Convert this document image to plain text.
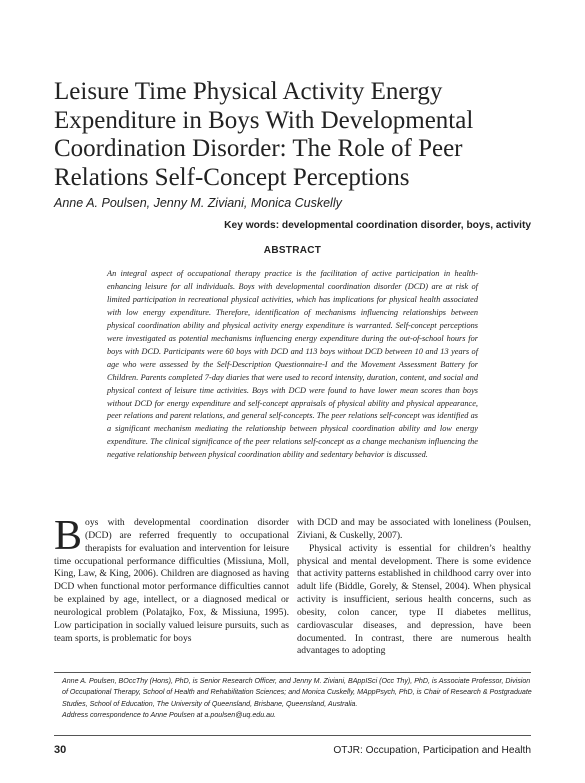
Leisure Time Physical Activity Energy
Expenditure in Boys With Developmental
Coordination Disorder: The Role of Peer
Relations Self-Concept Perceptions

Anne A. Poulsen, Jenny M. Ziviani, Monica Cuskelly

Key words: developmental coordination disorder, boys, activity

ABSTRACT

An integral aspect of occupational therapy practice is the facilitation of active participation in health-enhancing leisure for all individuals. Boys with developmental coordination disorder (DCD) are at risk of limited participation in recreational physical activities, which has implications for physical health associated with low energy expenditure. Therefore, identification of mechanisms influencing relationships between physical coordination ability and physical activity energy expenditure is warranted. Self-concept perceptions were investigated as potential mechanisms influencing energy expenditure during the out-of-school hours for boys with DCD. Participants were 60 boys with DCD and 113 boys without DCD between 10 and 13 years of age who were assessed by the Self-Description Questionnaire-I and the Movement Assessment Battery for Children. Parents completed 7-day diaries that were used to record intensity, duration, content, and social and physical context of leisure time activities. Boys with DCD were found to have lower mean scores than boys without DCD for energy expenditure and self-concept appraisals of physical ability and physical appearance, peer relations and parent relations, and general self-concepts. The peer relations self-concept was identified as a significant mechanism mediating the relationship between physical coordination ability and low energy expenditure. The clinical significance of the peer relations self-concept as a change mechanism influencing the negative relationship between physical coordination ability and sedentary behavior is discussed.

Boys with developmental coordination disorder (DCD) are referred frequently to occupational therapists for evaluation and intervention for leisure time occupational performance difficulties (Missiuna, Moll, King, Law, & King, 2006). Children are diagnosed as having DCD when functional motor performance difficulties cannot be explained by age, intellect, or a diagnosed medical or neurological problem (Polatajko, Fox, & Missiuna, 1995). Low participation in socially valued leisure pursuits, such as team sports, is problematic for boys

with DCD and may be associated with loneliness (Poulsen, Ziviani, & Cuskelly, 2007).

Physical activity is essential for children’s healthy physical and mental development. There is some evidence that activity patterns established in childhood carry over into adult life (Biddle, Gorely, & Stensel, 2004). When physical activity is insufficient, serious health concerns, such as obesity, colon cancer, type II diabetes mellitus, cardiovascular diseases, and depression, have been documented. In contrast, there are numerous health advantages to adopting

Anne A. Poulsen, BOccThy (Hons), PhD, is Senior Research Officer, and Jenny M. Ziviani, BAppISci (Occ Thy), PhD, is Associate Professor, Division of Occupational Therapy, School of Health and Rehabilitation Sciences; and Monica Cuskelly, MAppPsych, PhD, is Chair of Research & Postgraduate Studies, School of Education, The University of Queensland, Brisbane, Queensland, Australia.

Address correspondence to Anne Poulsen at a.poulsen@uq.edu.au.

30	OTJR: Occupation, Participation and Health
